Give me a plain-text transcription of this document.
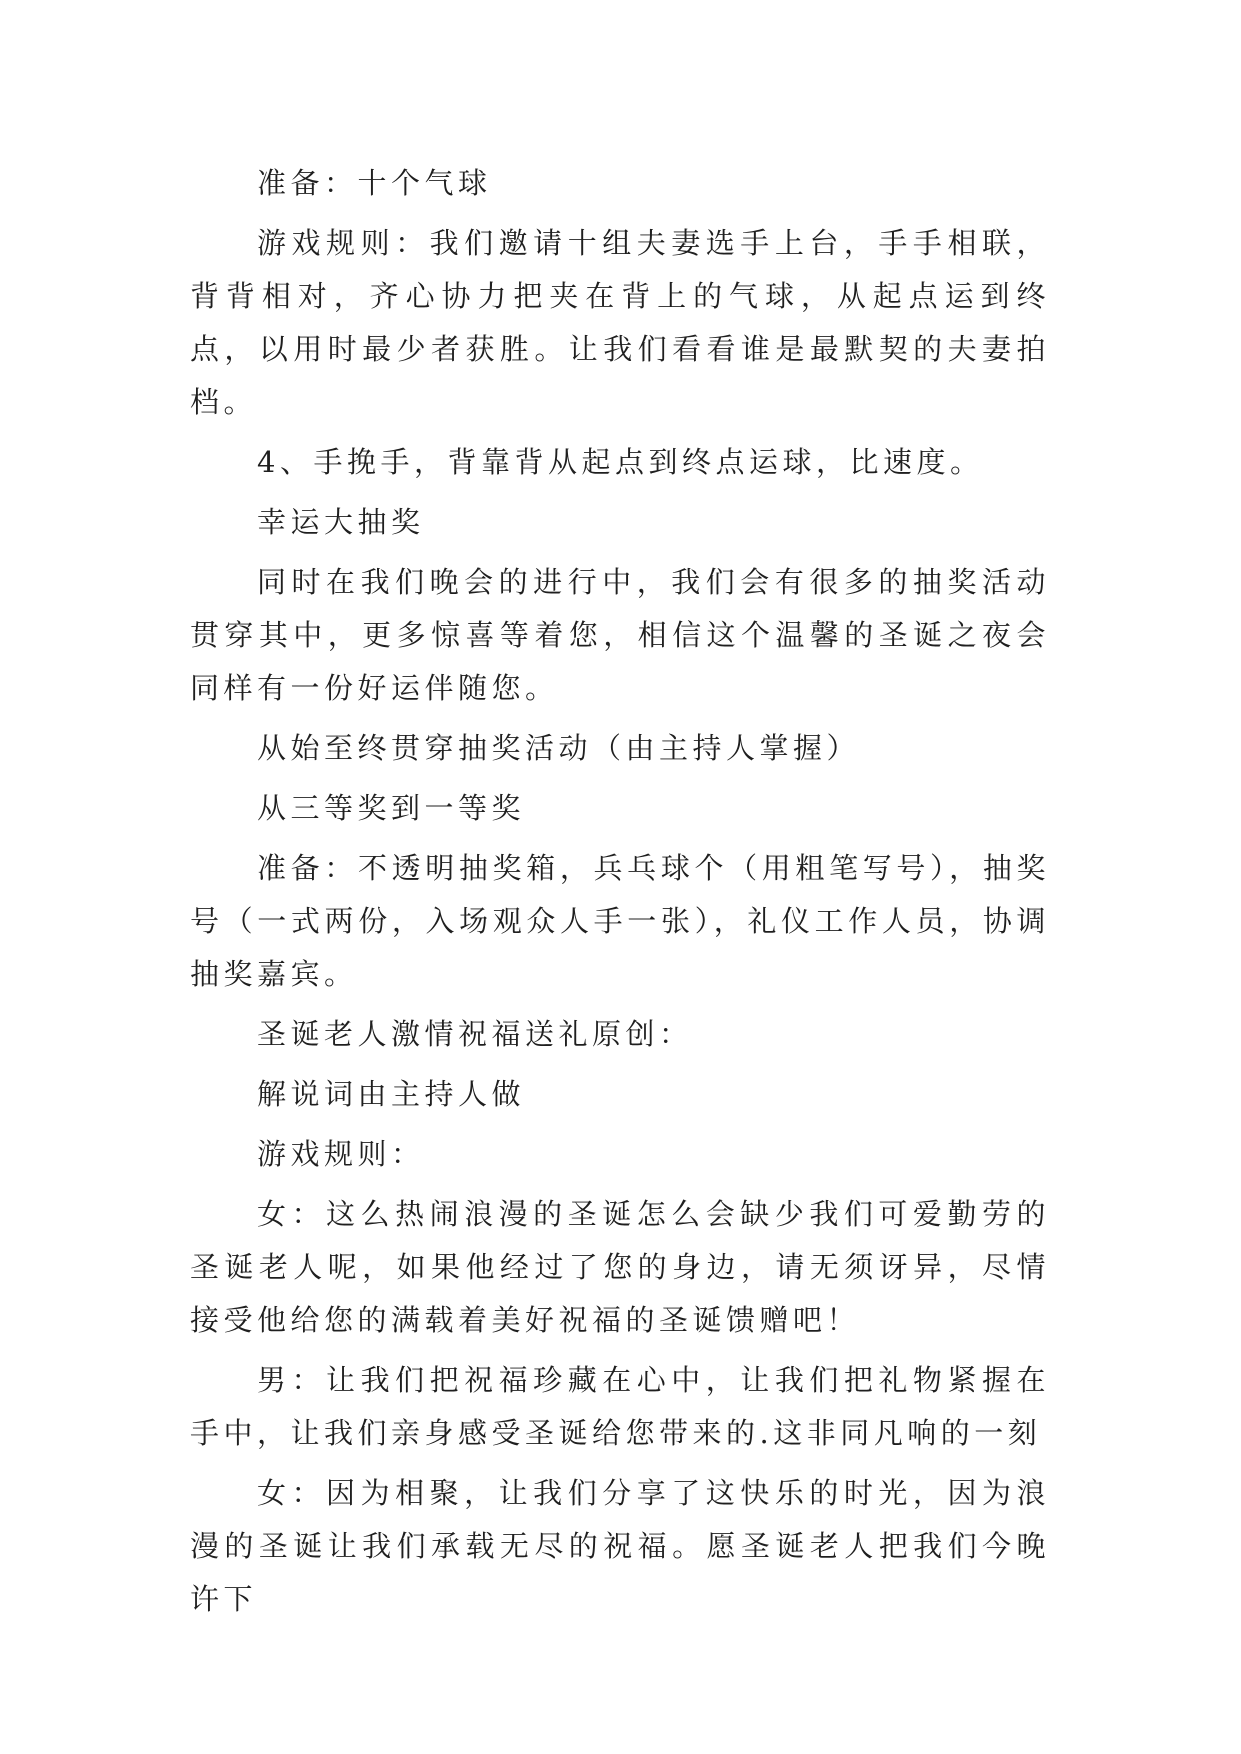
准备：十个气球

游戏规则：我们邀请十组夫妻选手上台，手手相联，背背相对，齐心协力把夹在背上的气球，从起点运到终点，以用时最少者获胜。让我们看看谁是最默契的夫妻拍档。

4、手挽手，背靠背从起点到终点运球，比速度。

幸运大抽奖

同时在我们晚会的进行中，我们会有很多的抽奖活动贯穿其中，更多惊喜等着您，相信这个温馨的圣诞之夜会同样有一份好运伴随您。

从始至终贯穿抽奖活动（由主持人掌握）

从三等奖到一等奖

准备：不透明抽奖箱，兵乓球个（用粗笔写号），抽奖号（一式两份，入场观众人手一张），礼仪工作人员，协调抽奖嘉宾。

圣诞老人激情祝福送礼原创：

解说词由主持人做

游戏规则：

女：这么热闹浪漫的圣诞怎么会缺少我们可爱勤劳的圣诞老人呢，如果他经过了您的身边，请无须讶异，尽情接受他给您的满载着美好祝福的圣诞馈赠吧！

男：让我们把祝福珍藏在心中，让我们把礼物紧握在手中，让我们亲身感受圣诞给您带来的.这非同凡响的一刻

女：因为相聚，让我们分享了这快乐的时光，因为浪漫的圣诞让我们承载无尽的祝福。愿圣诞老人把我们今晚许下
